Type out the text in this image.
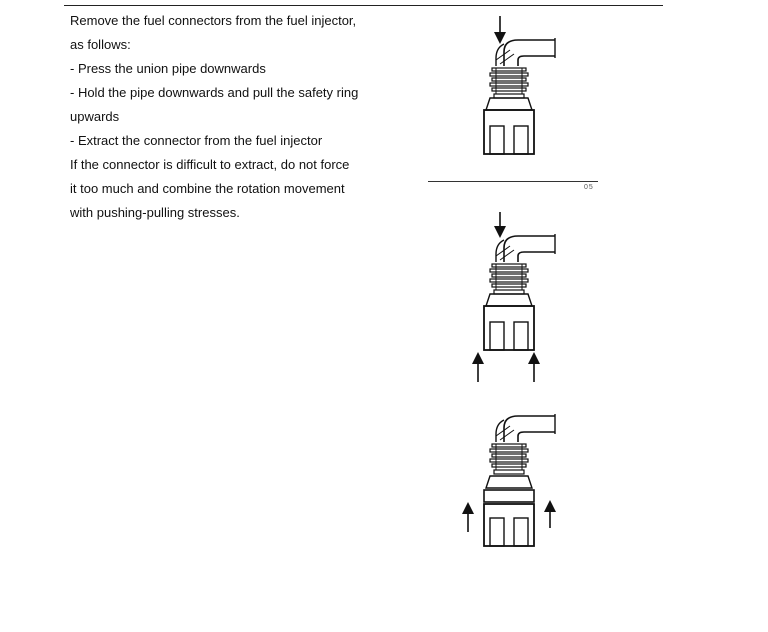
Remove the fuel connectors from the fuel injector,
as follows:
- Press the union pipe downwards
- Hold the pipe downwards and pull the safety ring
upwards
- Extract the connector from the fuel injector
If the connector is difficult to extract, do not force
it too much and combine the rotation movement
with pushing-pulling stresses.
05
